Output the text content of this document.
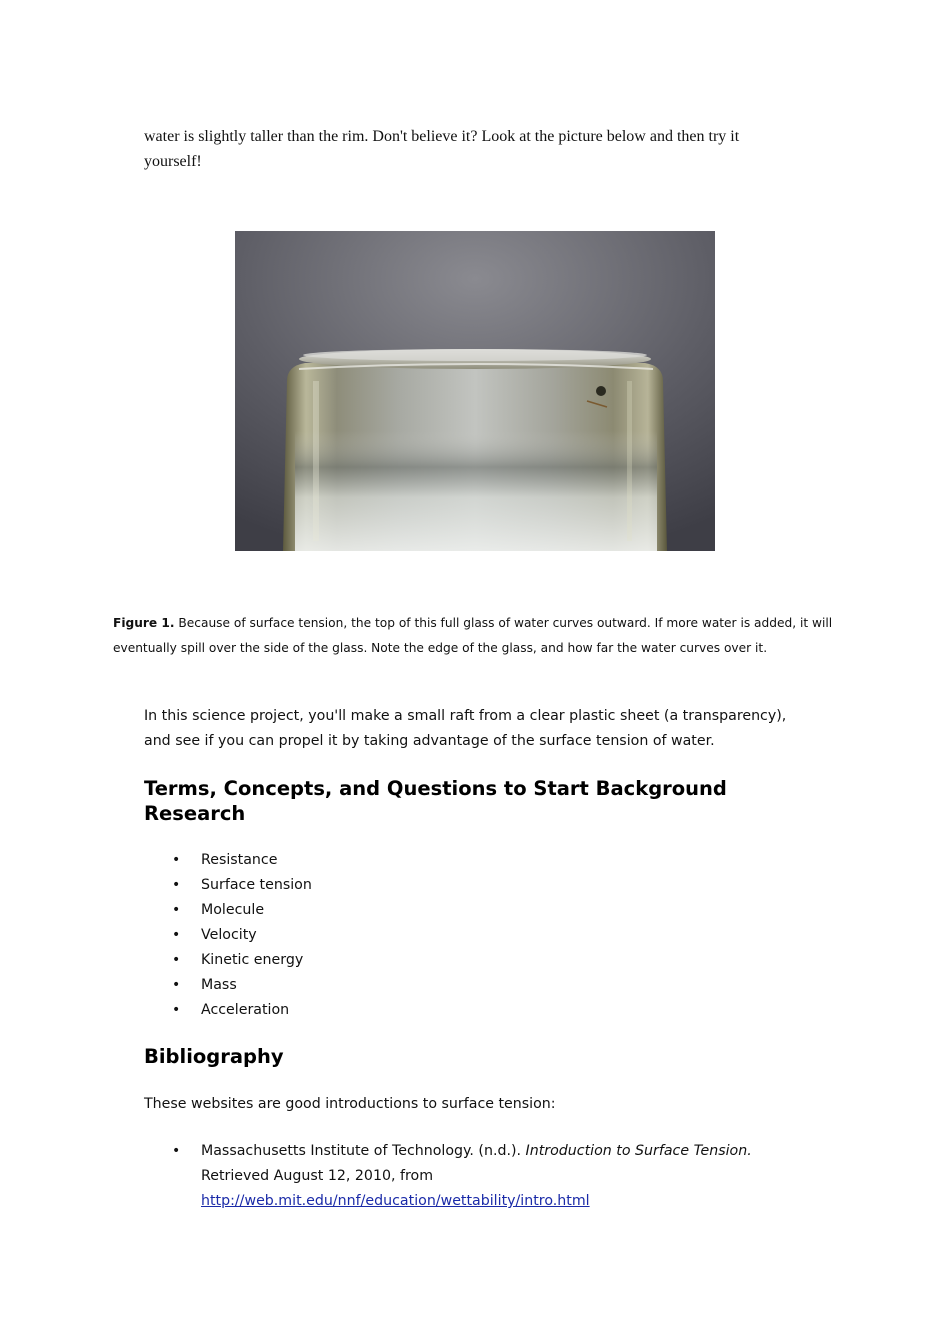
water is slightly taller than the rim. Don't believe it? Look at the picture below and then try it yourself!
Figure 1. Because of surface tension, the top of this full glass of water curves outward. If more water is added, it will eventually spill over the side of the glass. Note the edge of the glass, and how far the water curves over it.
In this science project, you'll make a small raft from a clear plastic sheet (a transparency), and see if you can propel it by taking advantage of the surface tension of water.
Terms, Concepts, and Questions to Start Background Research
• Resistance
• Surface tension
• Molecule
• Velocity
• Kinetic energy
• Mass
• Acceleration
Bibliography
These websites are good introductions to surface tension:
• Massachusetts Institute of Technology. (n.d.). Introduction to Surface Tension. Retrieved August 12, 2010, from
http://web.mit.edu/nnf/education/wettability/intro.html
